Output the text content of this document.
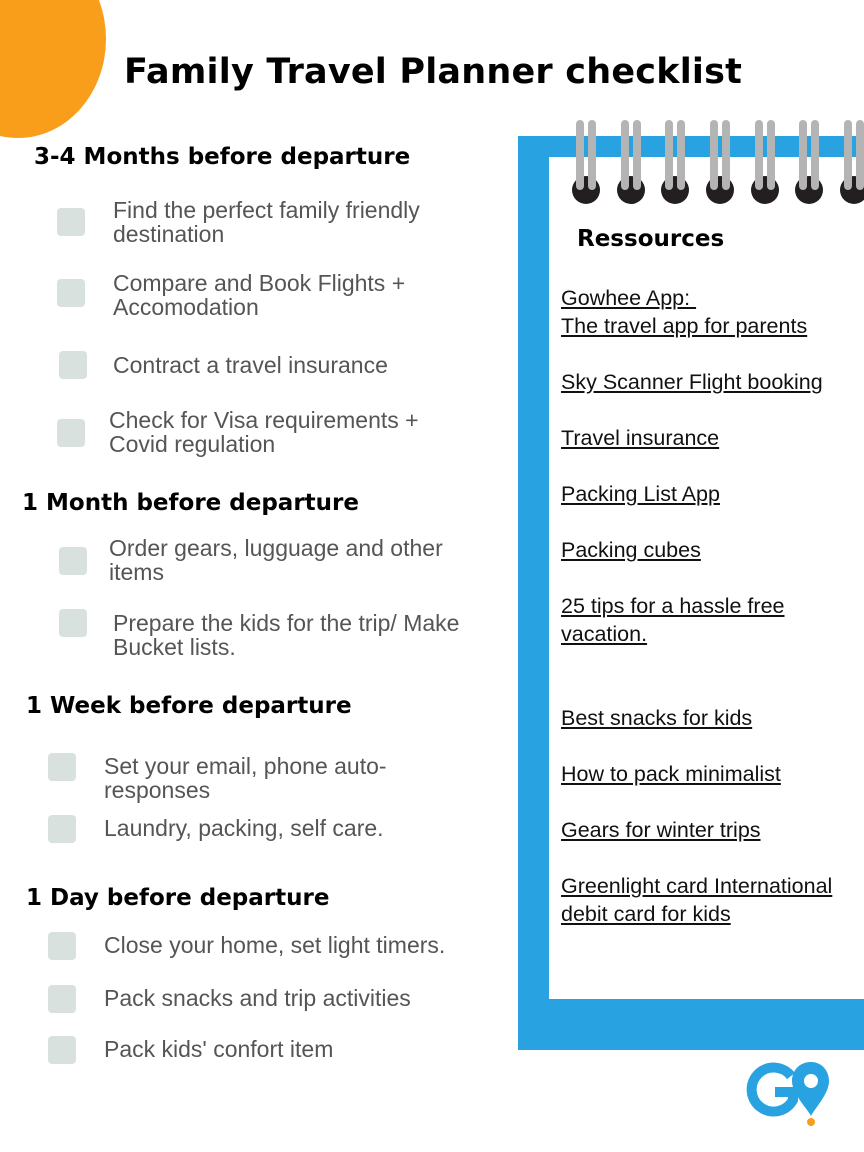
Family Travel Planner checklist
3-4 Months before departure
Find the perfect family friendly
destination
Compare and Book Flights +
Accomodation
Contract a travel insurance
Check for Visa requirements +
Covid regulation
1 Month before departure
Order gears, lugguage and other
items
Prepare the kids for the trip/ Make
Bucket lists.
1 Week before departure
Set your email, phone auto-
responses
Laundry, packing, self care.
1 Day before departure
Close your home, set light timers.
Pack snacks and trip activities
Pack kids' confort item
Ressources
Gowhee App:
The travel app for parents
Sky Scanner Flight booking
Travel insurance
Packing List App
Packing cubes
25 tips for a hassle free
vacation.
Best snacks for kids
How to pack minimalist
Gears for winter trips
Greenlight card International
debit card for kids
